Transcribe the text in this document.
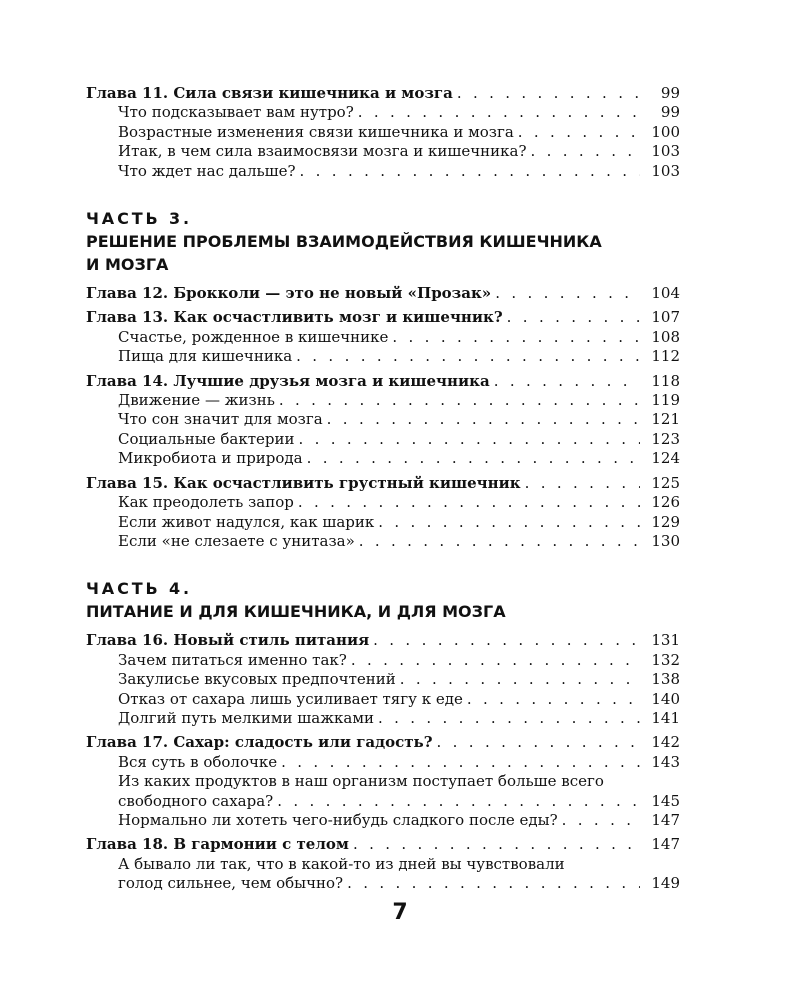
Глава 11. Сила связи кишечника и мозга . . .	99
Что подсказывает вам нутро? . . .	99
Возрастные изменения связи кишечника и мозга . . .	100
Итак, в чем сила взаимосвязи мозга и кишечника? . . .	103
Что ждет нас дальше? . . .	103
ЧАСТЬ 3.
РЕШЕНИЕ ПРОБЛЕМЫ ВЗАИМОДЕЙСТВИЯ КИШЕЧНИКА
И МОЗГА
Глава 12. Брокколи — это не новый «Прозак» . . .	104
Глава 13. Как осчастливить мозг и кишечник? . . .	107
Счастье, рожденное в кишечнике . . .	108
Пища для кишечника . . .	112
Глава 14. Лучшие друзья мозга и кишечника . . .	118
Движение — жизнь . . .	119
Что сон значит для мозга . . .	121
Социальные бактерии . . .	123
Микробиота и природа . . .	124
Глава 15. Как осчастливить грустный кишечник . . .	125
Как преодолеть запор . . .	126
Если живот надулся, как шарик . . .	129
Если «не слезаете с унитаза» . . .	130
ЧАСТЬ 4.
ПИТАНИЕ И ДЛЯ КИШЕЧНИКА, И ДЛЯ МОЗГА
Глава 16. Новый стиль питания . . .	131
Зачем питаться именно так? . . .	132
Закулисье вкусовых предпочтений . . .	138
Отказ от сахара лишь усиливает тягу к еде . . .	140
Долгий путь мелкими шажками . . .	141
Глава 17. Сахар: сладость или гадость? . . .	142
Вся суть в оболочке . . .	143
Из каких продуктов в наш организм поступает больше всего
свободного сахара? . . .	145
Нормально ли хотеть чего-нибудь сладкого после еды? . . .	147
Глава 18. В гармонии с телом . . .	147
А бывало ли так, что в какой-то из дней вы чувствовали
голод сильнее, чем обычно? . . .	149
7
